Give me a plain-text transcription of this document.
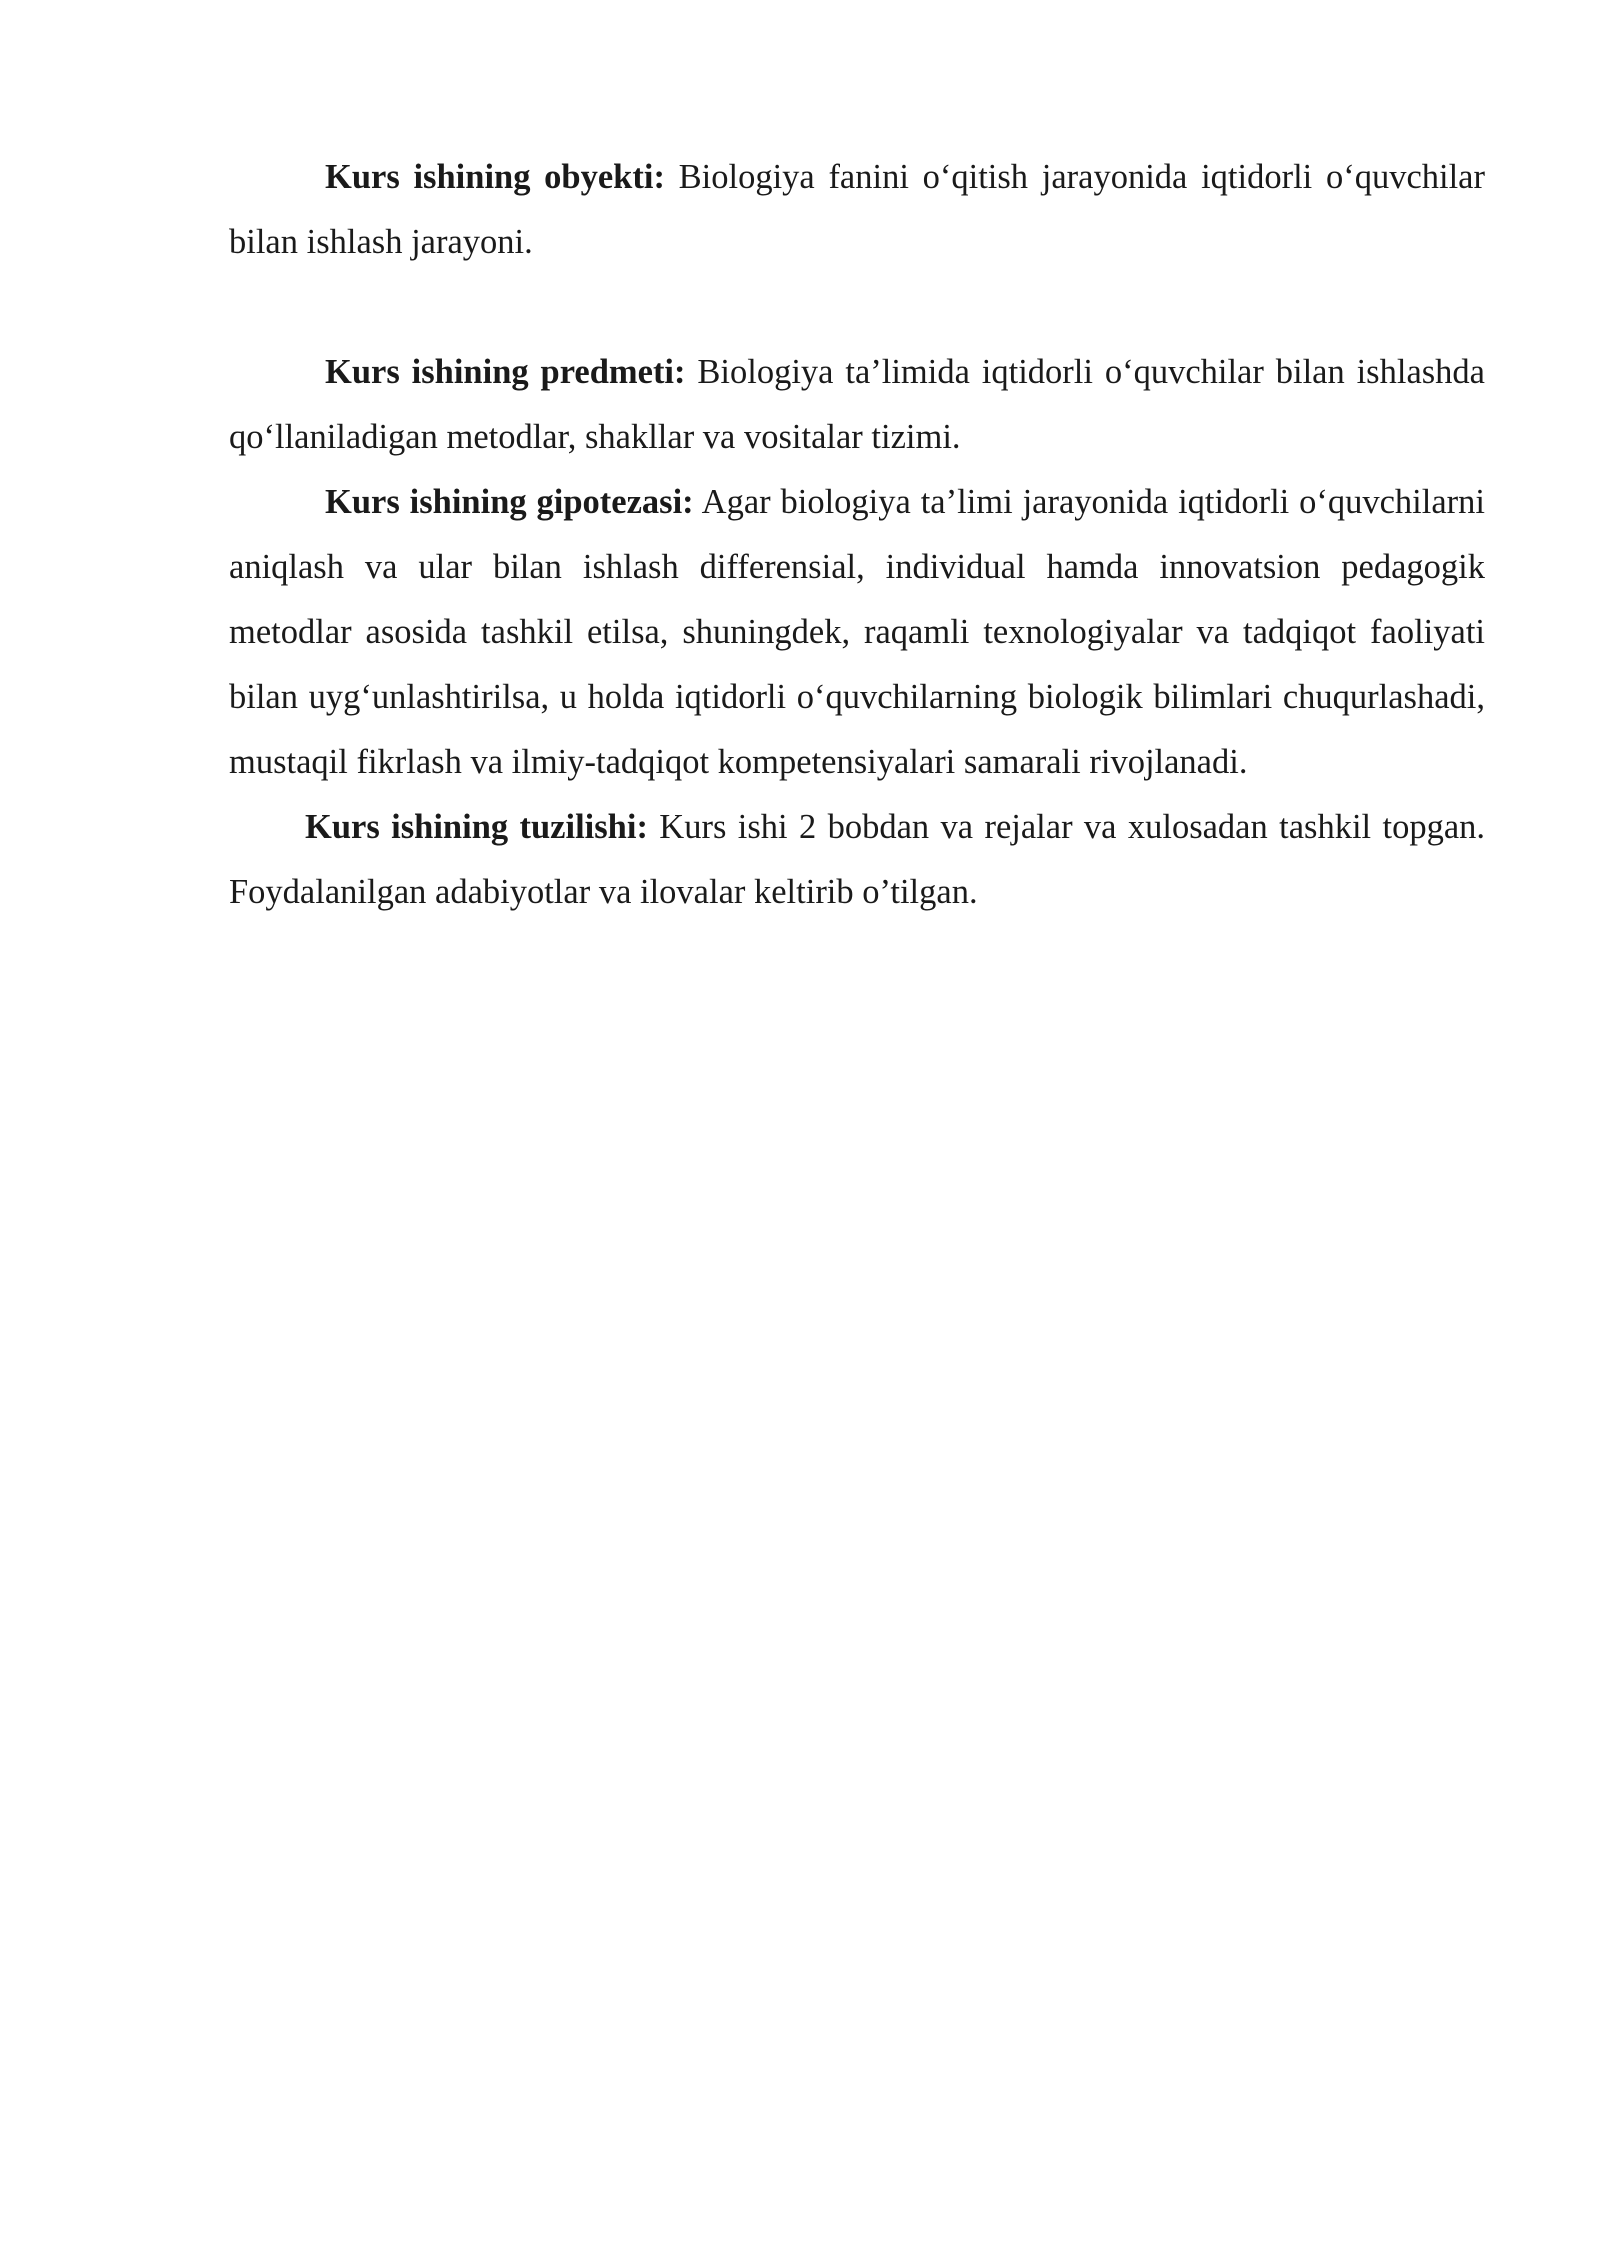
Kurs ishining obyekti: Biologiya fanini o‘qitish jarayonida iqtidorli o‘quvchilar bilan ishlash jarayoni.

Kurs ishining predmeti: Biologiya ta’limida iqtidorli o‘quvchilar bilan ishlashda qo‘llaniladigan metodlar, shakllar va vositalar tizimi.

Kurs ishining gipotezasi: Agar biologiya ta’limi jarayonida iqtidorli o‘quvchilarni aniqlash va ular bilan ishlash differensial, individual hamda innovatsion pedagogik metodlar asosida tashkil etilsa, shuningdek, raqamli texnologiyalar va tadqiqot faoliyati bilan uyg‘unlashtirilsa, u holda iqtidorli o‘quvchilarning biologik bilimlari chuqurlashadi, mustaqil fikrlash va ilmiy-tadqiqot kompetensiyalari samarali rivojlanadi.

Kurs ishining tuzilishi: Kurs ishi 2 bobdan va rejalar va xulosadan tashkil topgan. Foydalanilgan adabiyotlar va ilovalar keltirib o’tilgan.
